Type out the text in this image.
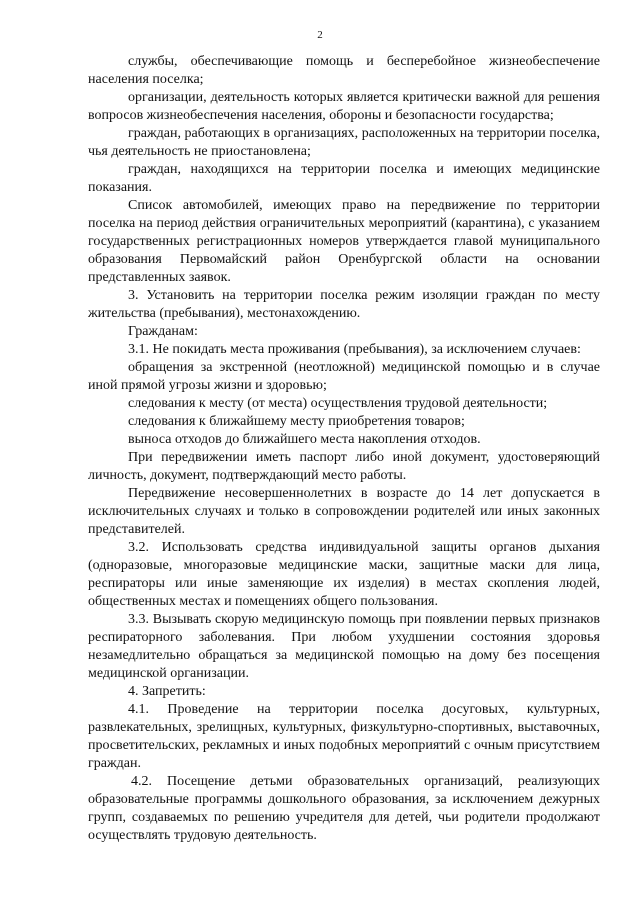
2

службы, обеспечивающие помощь и бесперебойное жизнеобеспечение населения поселка;

организации, деятельность которых является критически важной для решения вопросов жизнеобеспечения населения, обороны и безопасности государства;

граждан, работающих в организациях, расположенных на территории поселка, чья деятельность не приостановлена;

граждан, находящихся на территории поселка и имеющих медицинские показания.

Список автомобилей, имеющих право на передвижение по территории поселка на период действия ограничительных мероприятий (карантина), с указанием государственных регистрационных номеров утверждается главой муниципального образования Первомайский район Оренбургской области на основании представленных заявок.

3. Установить на территории поселка режим изоляции граждан по месту жительства (пребывания), местонахождению.

Гражданам:

3.1. Не покидать места проживания (пребывания), за исключением случаев:

обращения за экстренной (неотложной) медицинской помощью и в случае иной прямой угрозы жизни и здоровью;

следования к месту (от места) осуществления трудовой деятельности;

следования к ближайшему месту приобретения товаров;

выноса отходов до ближайшего места накопления отходов.

При передвижении иметь паспорт либо иной документ, удостоверяющий личность, документ, подтверждающий место работы.

Передвижение несовершеннолетних в возрасте до 14 лет допускается в исключительных случаях и только в сопровождении родителей или иных законных представителей.

3.2. Использовать средства индивидуальной защиты органов дыхания (одноразовые, многоразовые медицинские маски, защитные маски для лица, респираторы или иные заменяющие их изделия) в местах скопления людей, общественных местах и помещениях общего пользования.

3.3. Вызывать скорую медицинскую помощь при появлении первых признаков респираторного заболевания. При любом ухудшении состояния здоровья незамедлительно обращаться за медицинской помощью на дому без посещения медицинской организации.

4. Запретить:

4.1. Проведение на территории поселка досуговых, культурных, развлекательных, зрелищных, культурных, физкультурно-спортивных, выставочных, просветительских, рекламных и иных подобных мероприятий с очным присутствием граждан.

4.2. Посещение детьми образовательных организаций, реализующих образовательные программы дошкольного образования, за исключением дежурных групп, создаваемых по решению учредителя для детей, чьи родители продолжают осуществлять трудовую деятельность.
